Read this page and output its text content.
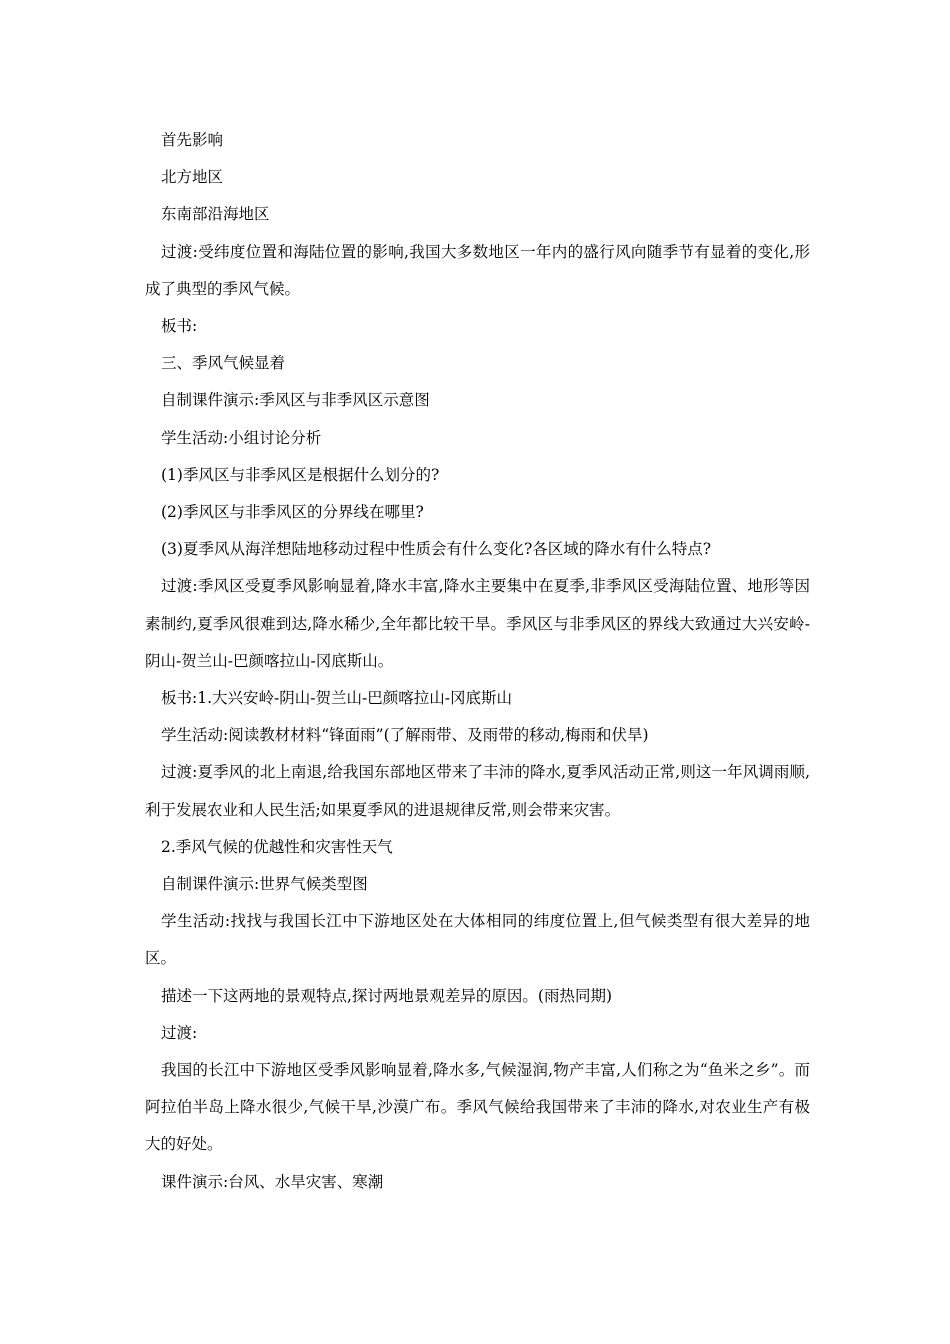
首先影响

北方地区

东南部沿海地区

过渡:受纬度位置和海陆位置的影响,我国大多数地区一年内的盛行风向随季节有显着的变化,形成了典型的季风气候。

板书:

三、季风气候显着

自制课件演示:季风区与非季风区示意图

学生活动:小组讨论分析

(1)季风区与非季风区是根据什么划分的?

(2)季风区与非季风区的分界线在哪里?

(3)夏季风从海洋想陆地移动过程中性质会有什么变化?各区域的降水有什么特点?

过渡:季风区受夏季风影响显着,降水丰富,降水主要集中在夏季,非季风区受海陆位置、地形等因素制约,夏季风很难到达,降水稀少,全年都比较干旱。季风区与非季风区的界线大致通过大兴安岭-阴山-贺兰山-巴颜喀拉山-冈底斯山。

板书:1.大兴安岭-阴山-贺兰山-巴颜喀拉山-冈底斯山

学生活动:阅读教材材料“锋面雨”(了解雨带、及雨带的移动,梅雨和伏旱)

过渡:夏季风的北上南退,给我国东部地区带来了丰沛的降水,夏季风活动正常,则这一年风调雨顺,利于发展农业和人民生活;如果夏季风的进退规律反常,则会带来灾害。

2.季风气候的优越性和灾害性天气

自制课件演示:世界气候类型图

学生活动:找找与我国长江中下游地区处在大体相同的纬度位置上,但气候类型有很大差异的地区。

描述一下这两地的景观特点,探讨两地景观差异的原因。(雨热同期)

过渡:

我国的长江中下游地区受季风影响显着,降水多,气候湿润,物产丰富,人们称之为“鱼米之乡”。而阿拉伯半岛上降水很少,气候干旱,沙漠广布。季风气候给我国带来了丰沛的降水,对农业生产有极大的好处。

课件演示:台风、水旱灾害、寒潮
